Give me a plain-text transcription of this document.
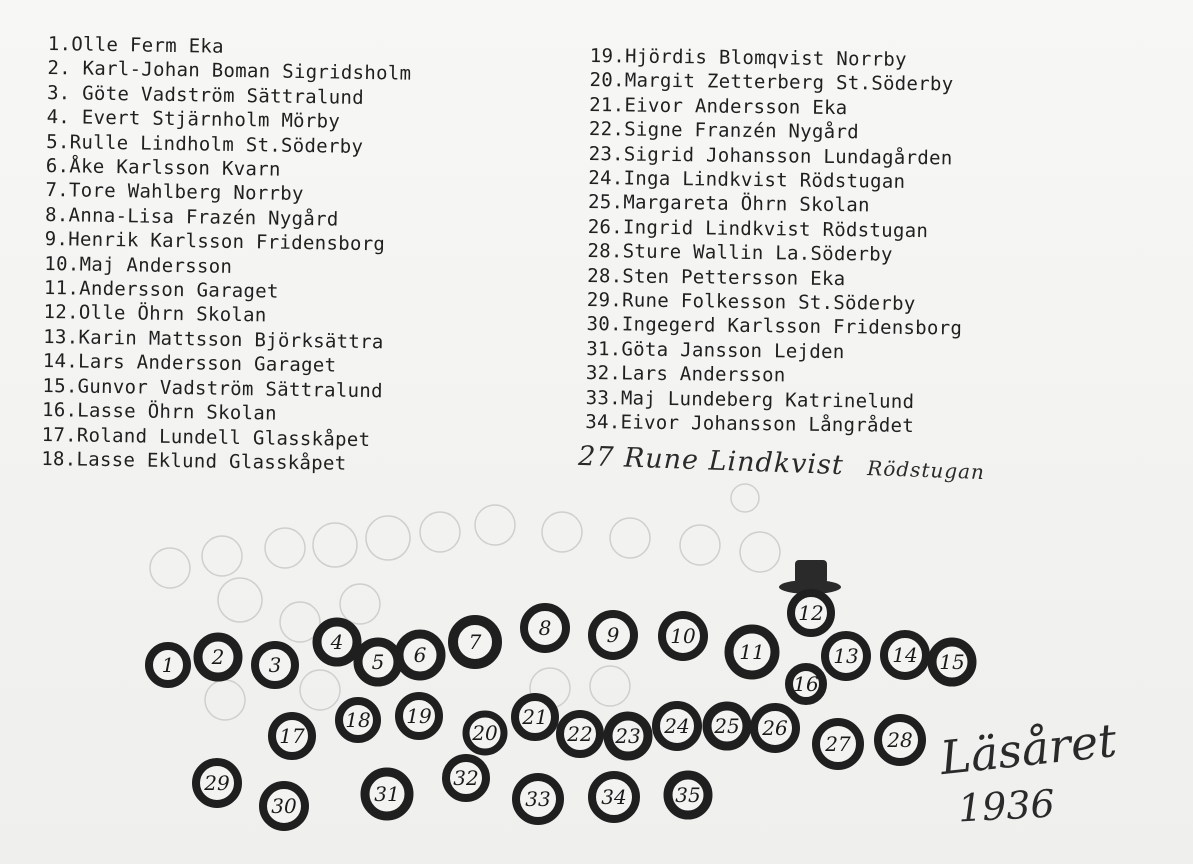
1.Olle Ferm Eka
2. Karl-Johan Boman Sigridsholm
3. Göte Vadström Sättralund
4. Evert Stjärnholm Mörby
5.Rulle Lindholm St.Söderby
6.Åke Karlsson Kvarn
7.Tore Wahlberg Norrby
8.Anna-Lisa Frazén Nygård
9.Henrik Karlsson Fridensborg
10.Maj Andersson
11.Andersson Garaget
12.Olle Öhrn Skolan
13.Karin Mattsson Björksättra
14.Lars Andersson Garaget
15.Gunvor Vadström Sättralund
16.Lasse Öhrn Skolan
17.Roland Lundell Glasskåpet
18.Lasse Eklund Glasskåpet
19.Hjördis Blomqvist Norrby
20.Margit Zetterberg St.Söderby
21.Eivor Andersson Eka
22.Signe Franzén Nygård
23.Sigrid Johansson Lundagården
24.Inga Lindkvist Rödstugan
25.Margareta Öhrn Skolan
26.Ingrid Lindkvist Rödstugan
28.Sture Wallin La.Söderby
28.Sten Pettersson Eka
29.Rune Folkesson St.Söderby
30.Ingegerd Karlsson Fridensborg
31.Göta Jansson Lejden
32.Lars Andersson
33.Maj Lundeberg Katrinelund
34.Eivor Johansson Långrådet
27 Rune Lindkvist Rödstugan
1 2 3
4
5 6
7
8	9	10
11
12
13 14 15
16
17
18 19
20
21
22 23 24 25 26
27 28
29
30	31
32
33	34 35
Läsåret
1936
